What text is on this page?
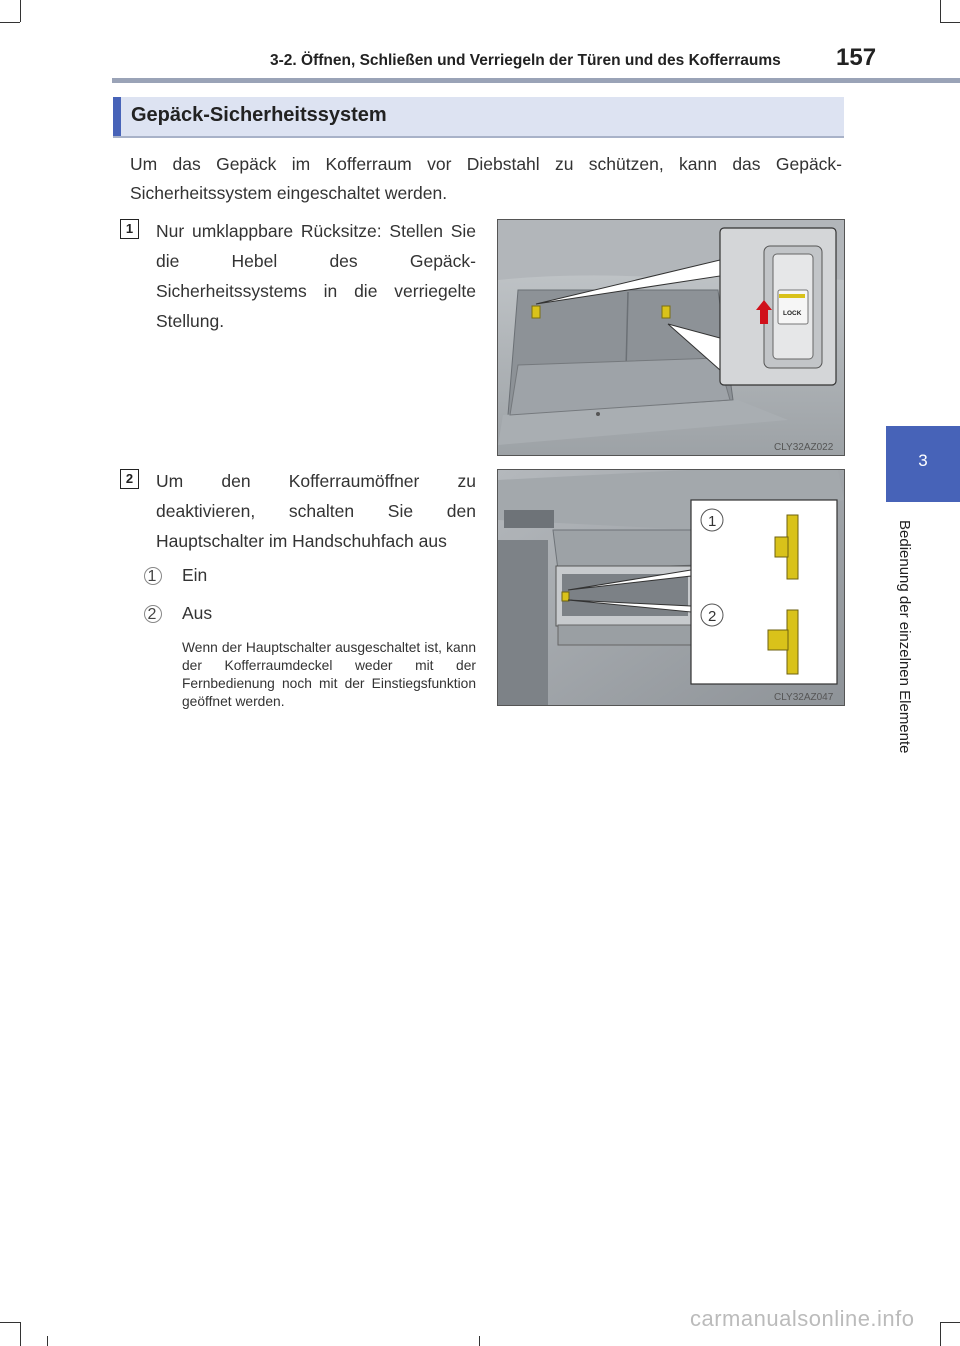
3-2. Öffnen, Schließen und Verriegeln der Türen und des Kofferraums	157
3
Bedienung der einzelnen Elemente
Gepäck-Sicherheitssystem
Um das Gepäck im Kofferraum vor Diebstahl zu schützen, kann das Gepäck-Sicherheitssystem eingeschaltet werden.
1	Nur umklappbare Rücksitze: Stellen Sie die Hebel des Gepäck-Sicherheitssystems in die verriegelte Stellung.	LOCK
CLY32AZ022
2	Um den Kofferraumöffner zu deaktivieren, schalten Sie den Hauptschalter im Handschuhfach aus
1	Ein
2	Aus
Wenn der Hauptschalter ausgeschaltet ist, kann der Kofferraumdeckel weder mit der Fernbedienung noch mit der Einstiegsfunktion geöffnet werden.
1
2
CLY32AZ047
carmanualsonline.info
